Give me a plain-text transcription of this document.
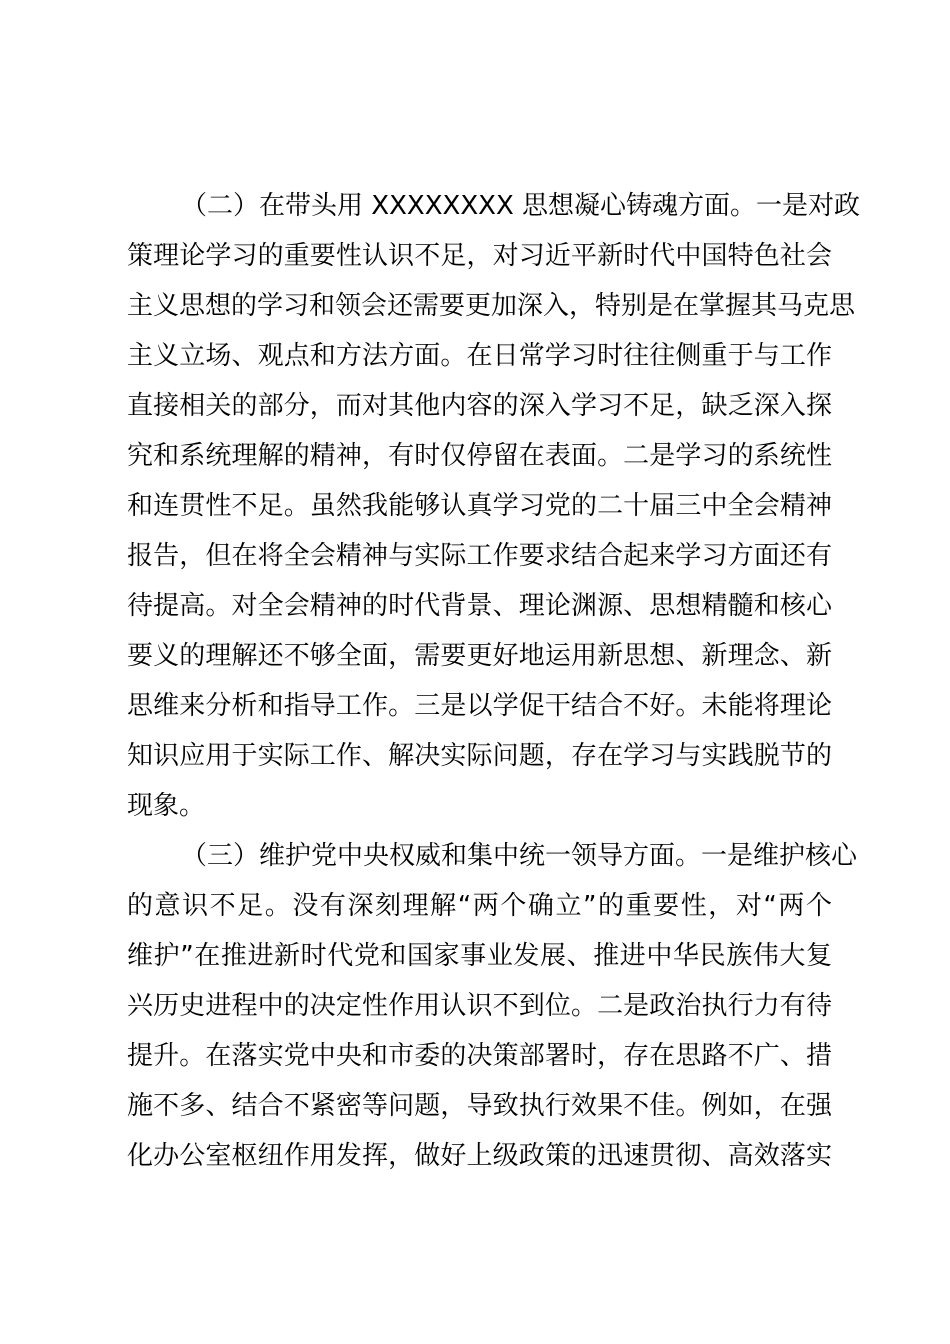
（二）在带头用 XXXXXXXX 思想凝心铸魂方面。一是对政
策理论学习的重要性认识不足，对习近平新时代中国特色社会
主义思想的学习和领会还需要更加深入，特别是在掌握其马克思
主义立场、观点和方法方面。在日常学习时往往侧重于与工作
直接相关的部分，而对其他内容的深入学习不足，缺乏深入探
究和系统理解的精神，有时仅停留在表面。二是学习的系统性
和连贯性不足。虽然我能够认真学习党的二十届三中全会精神
报告，但在将全会精神与实际工作要求结合起来学习方面还有
待提高。对全会精神的时代背景、理论渊源、思想精髓和核心
要义的理解还不够全面，需要更好地运用新思想、新理念、新
思维来分析和指导工作。三是以学促干结合不好。未能将理论
知识应用于实际工作、解决实际问题，存在学习与实践脱节的
现象。
（三）维护党中央权威和集中统一领导方面。一是维护核心
的意识不足。没有深刻理解“两个确立”的重要性，对“两个
维护”在推进新时代党和国家事业发展、推进中华民族伟大复
兴历史进程中的决定性作用认识不到位。二是政治执行力有待
提升。在落实党中央和市委的决策部署时，存在思路不广、措
施不多、结合不紧密等问题，导致执行效果不佳。例如，在强
化办公室枢纽作用发挥，做好上级政策的迅速贯彻、高效落实
